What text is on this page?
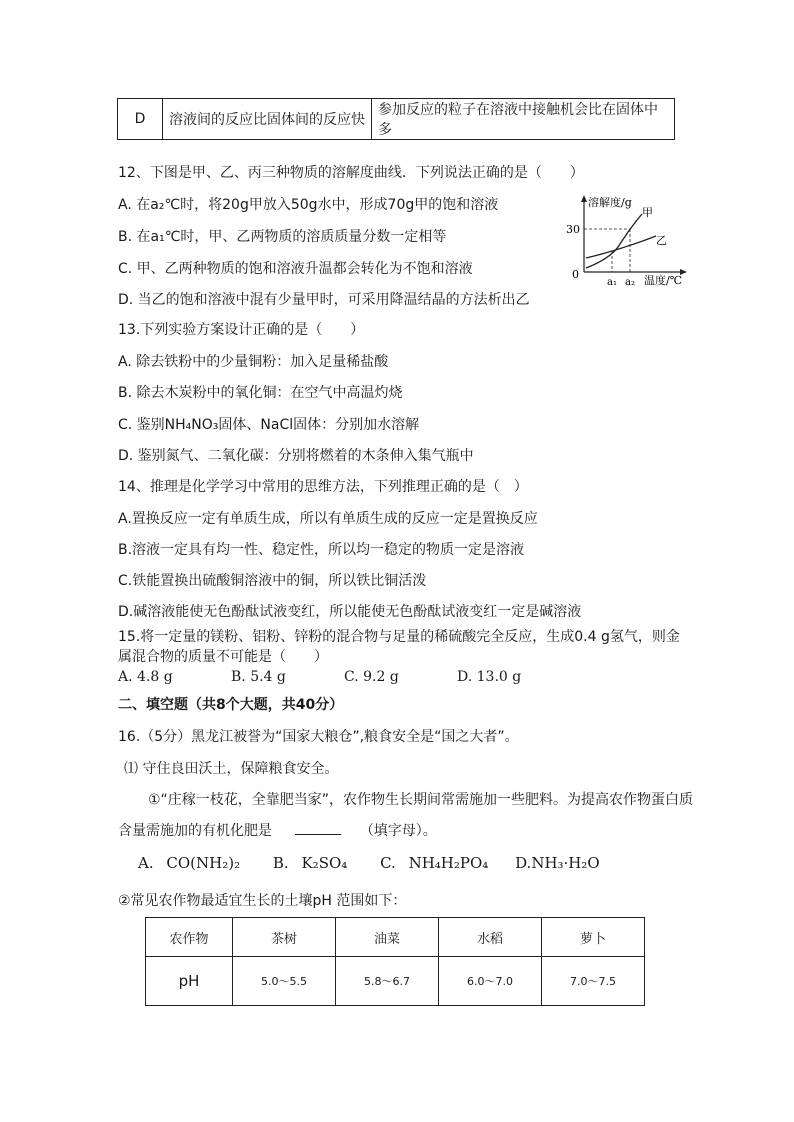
D	溶液间的反应比固体间的反应快	参加反应的粒子在溶液中接触机会比在固体中多
12、下图是甲、乙、丙三种物质的溶解度曲线．下列说法正确的是（　　）
A. 在a₂℃时，将20g甲放入50g水中，形成70g甲的饱和溶液
B. 在a₁℃时，甲、乙两物质的溶质质量分数一定相等
C. 甲、乙两种物质的饱和溶液升温都会转化为不饱和溶液
D. 当乙的饱和溶液中混有少量甲时，可采用降温结晶的方法析出乙
溶解度/g
甲
乙
30
0
a₁ a₂ 温度/℃
13.下列实验方案设计正确的是（　　）
A. 除去铁粉中的少量铜粉：加入足量稀盐酸
B. 除去木炭粉中的氧化铜：在空气中高温灼烧
C. 鉴别NH₄NO₃固体、NaCl固体：分别加水溶解
D. 鉴别氮气、二氧化碳：分别将燃着的木条伸入集气瓶中
14、推理是化学学习中常用的思维方法，下列推理正确的是（　）
A.置换反应一定有单质生成，所以有单质生成的反应一定是置换反应
B.溶液一定具有均一性、稳定性，所以均一稳定的物质一定是溶液
C.铁能置换出硫酸铜溶液中的铜，所以铁比铜活泼
D.碱溶液能使无色酚酞试液变红，所以能使无色酚酞试液变红一定是碱溶液
15.将一定量的镁粉、铝粉、锌粉的混合物与足量的稀硫酸完全反应，生成0.4 g氢气，则金
属混合物的质量不可能是（　　）
A. 4.8 g	B. 5.4 g	C. 9.2 g	D. 13.0 g
二、填空题（共8个大题，共40分）
16.（5分）黑龙江被誉为“国家大粮仓”,粮食安全是“国之大者”。
⑴ 守住良田沃土，保障粮食安全。
①“庄稼一枝花，全靠肥当家”，农作物生长期间常需施加一些肥料。为提高农作物蛋白质
含量需施加的有机化肥是	（填字母）。
A. CO(NH₂)₂ B. K₂SO₄ C. NH₄H₂PO₄ D.NH₃·H₂O
②常见农作物最适宜生长的土壤pH 范围如下：
农作物	茶树	油菜	水稻	萝卜
pH	5.0～5.5	5.8～6.7	6.0～7.0	7.0～7.5
